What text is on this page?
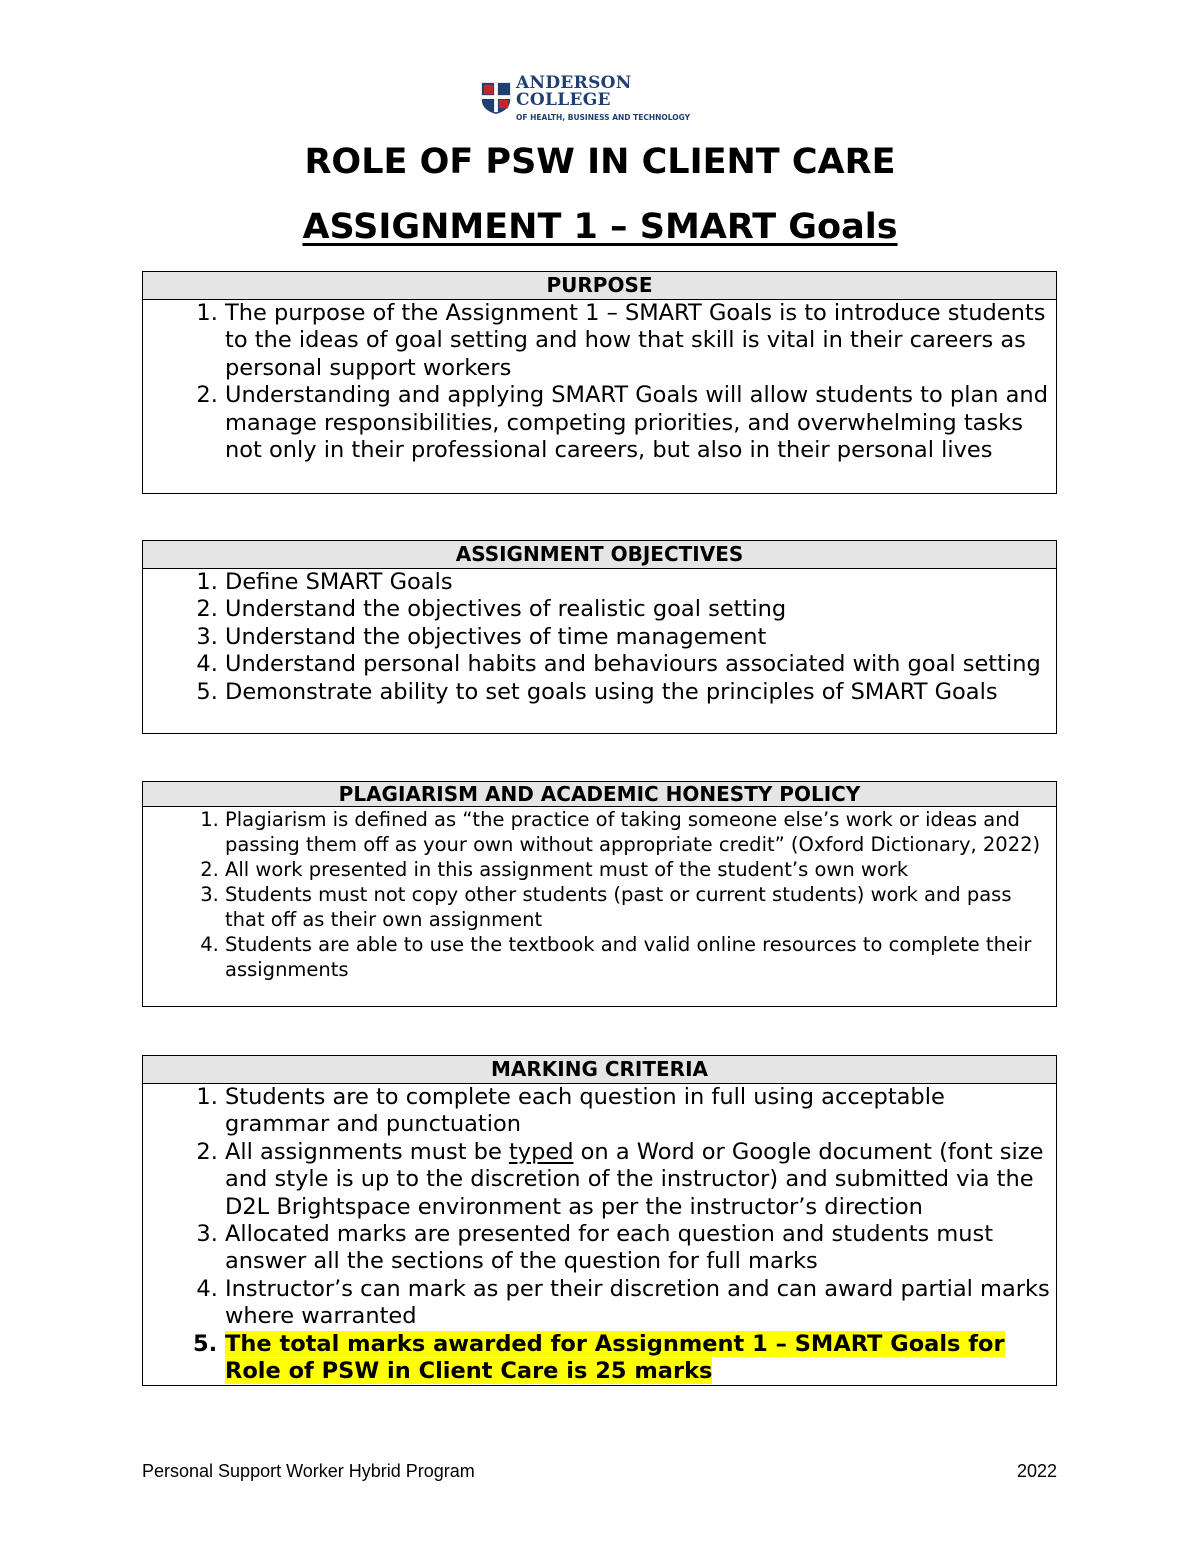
ANDERSON COLLEGE
OF HEALTH, BUSINESS AND TECHNOLOGY
ROLE OF PSW IN CLIENT CARE
ASSIGNMENT 1 – SMART Goals
PURPOSE
1. The purpose of the Assignment 1 – SMART Goals is to introduce students to the ideas of goal setting and how that skill is vital in their careers as personal support workers
2. Understanding and applying SMART Goals will allow students to plan and manage responsibilities, competing priorities, and overwhelming tasks not only in their professional careers, but also in their personal lives
ASSIGNMENT OBJECTIVES
1. Define SMART Goals
2. Understand the objectives of realistic goal setting
3. Understand the objectives of time management
4. Understand personal habits and behaviours associated with goal setting
5. Demonstrate ability to set goals using the principles of SMART Goals
PLAGIARISM AND ACADEMIC HONESTY POLICY
1. Plagiarism is defined as “the practice of taking someone else’s work or ideas and passing them off as your own without appropriate credit” (Oxford Dictionary, 2022)
2. All work presented in this assignment must of the student’s own work
3. Students must not copy other students (past or current students) work and pass that off as their own assignment
4. Students are able to use the textbook and valid online resources to complete their assignments
MARKING CRITERIA
1. Students are to complete each question in full using acceptable grammar and punctuation
2. All assignments must be typed on a Word or Google document (font size and style is up to the discretion of the instructor) and submitted via the D2L Brightspace environment as per the instructor’s direction
3. Allocated marks are presented for each question and students must answer all the sections of the question for full marks
4. Instructor’s can mark as per their discretion and can award partial marks where warranted
5. The total marks awarded for Assignment 1 – SMART Goals for Role of PSW in Client Care is 25 marks
Personal Support Worker Hybrid Program	2022
